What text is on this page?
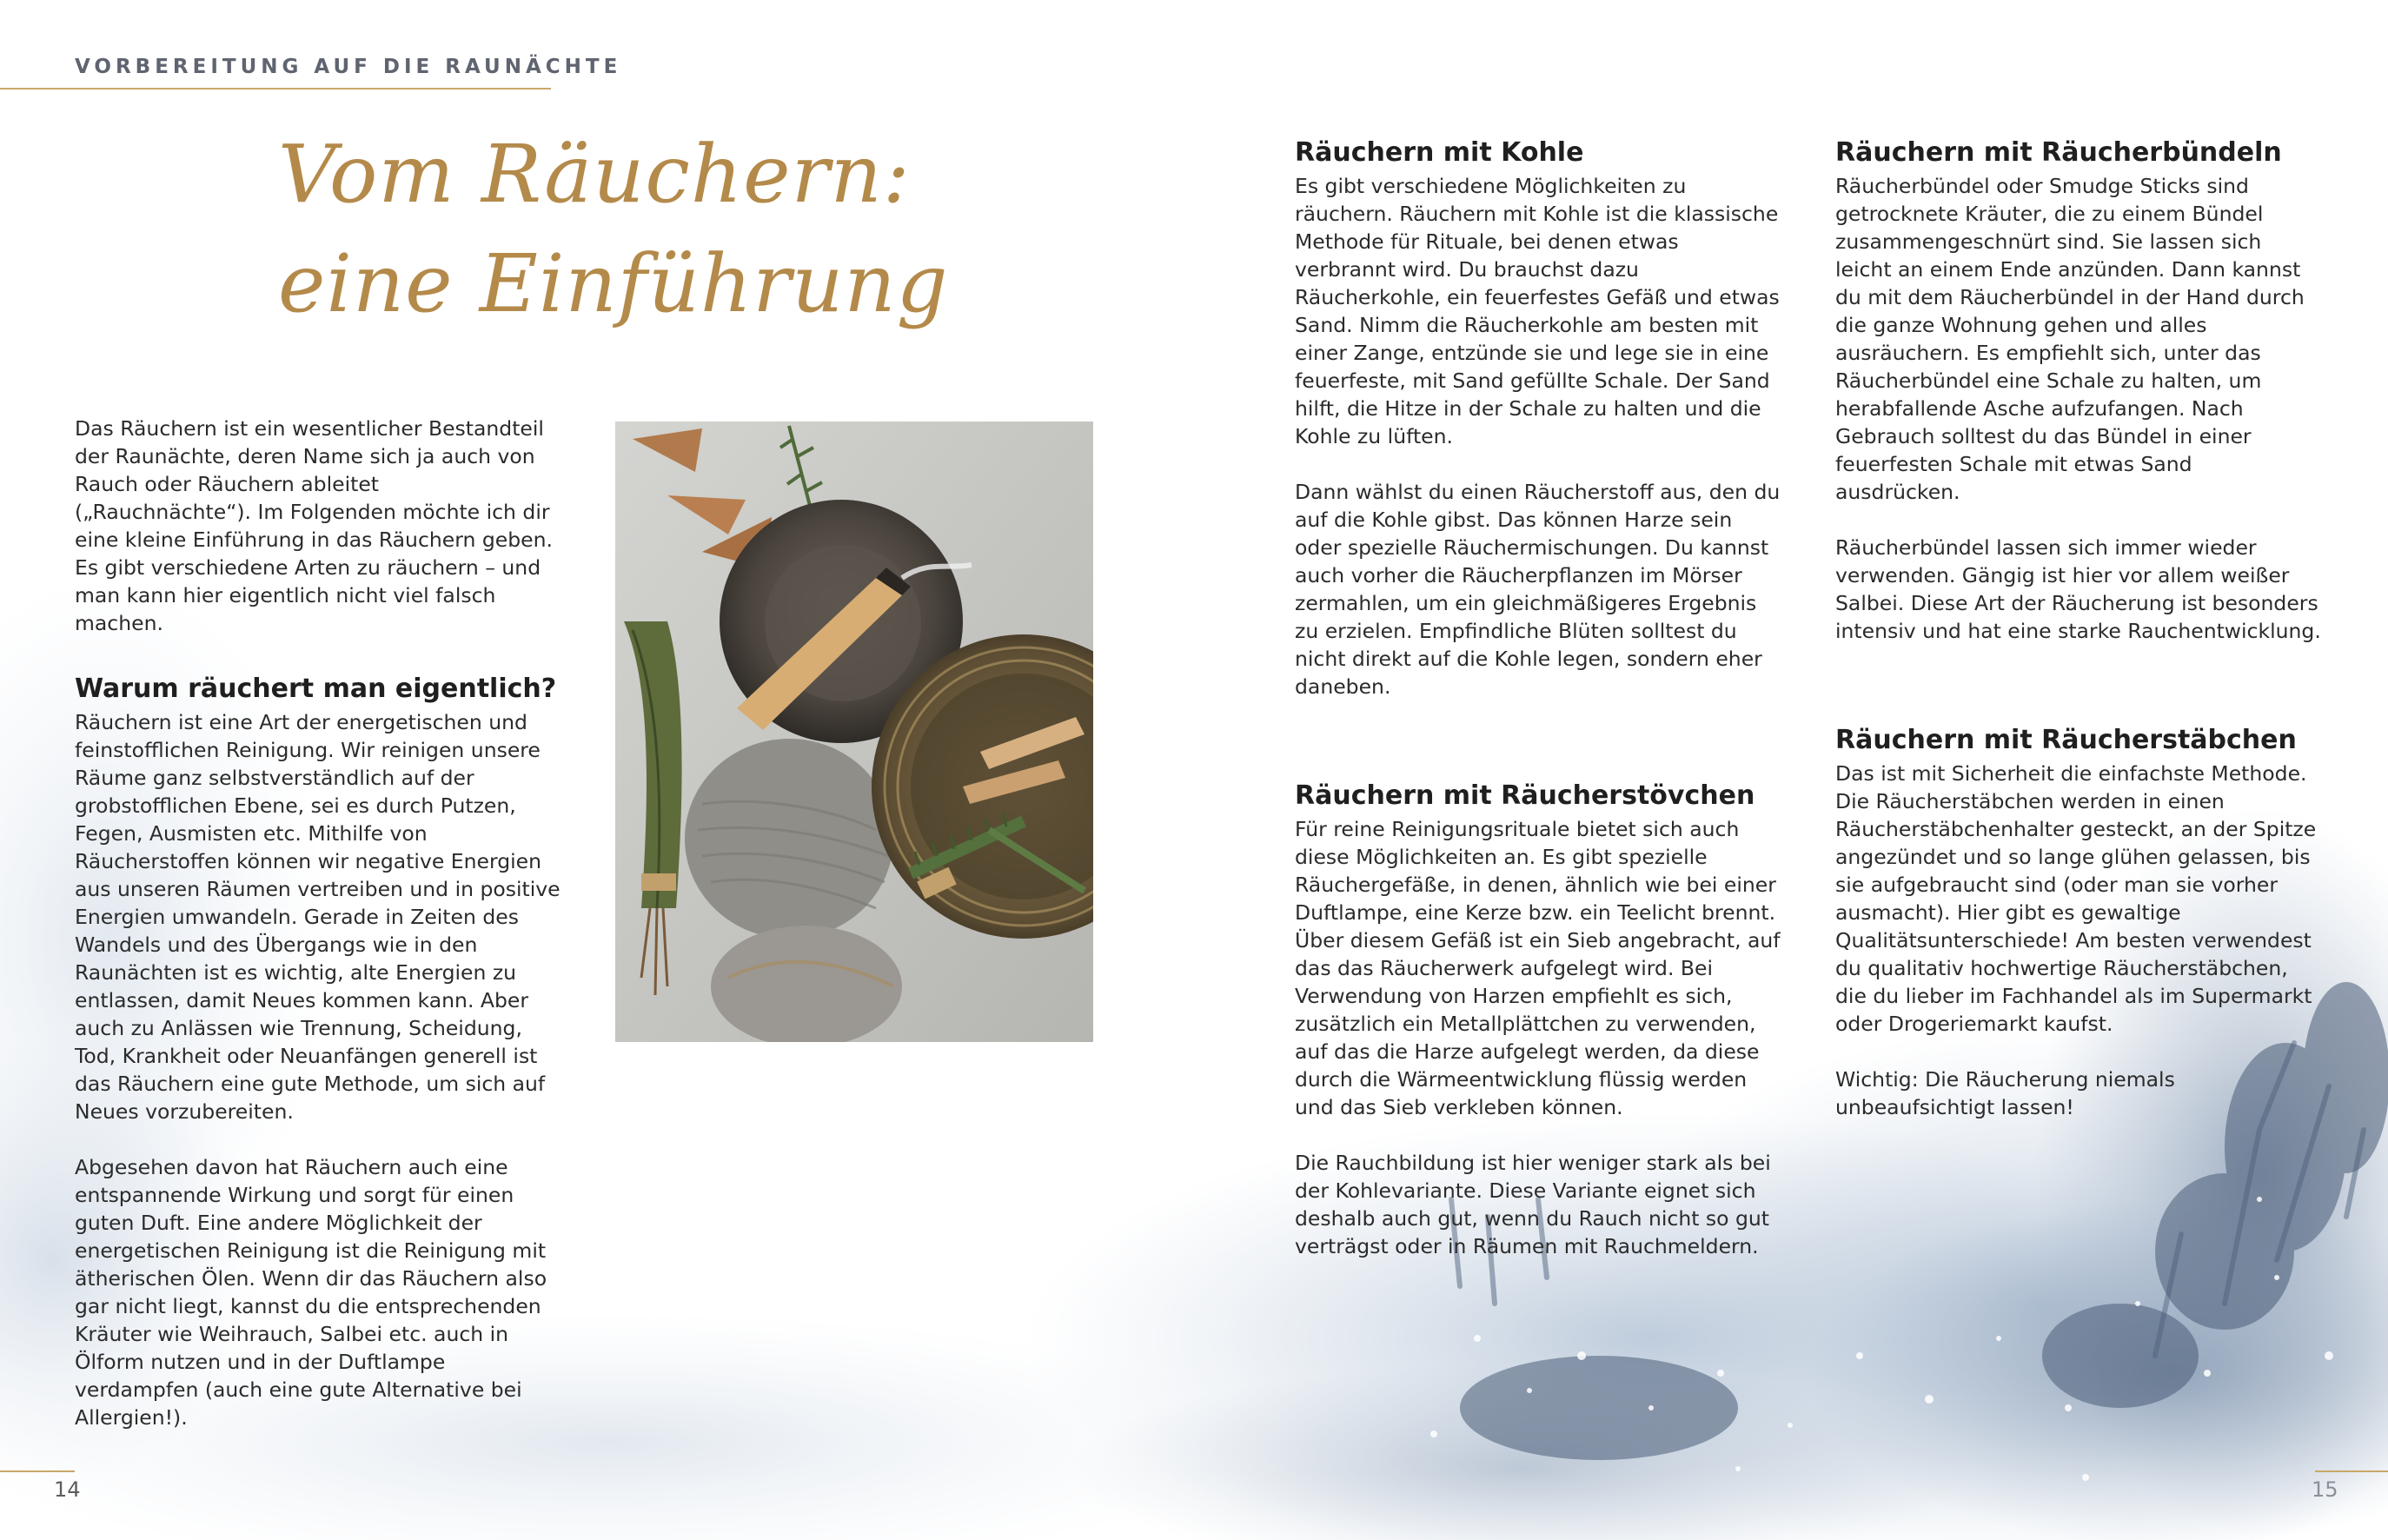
VORBEREITUNG AUF DIE RAUNÄCHTE
Vom Räuchern:
eine Einführung

Das Räuchern ist ein wesentlicher Bestandteil der Raunächte, deren Name sich ja auch von Rauch oder Räuchern ableitet („Rauchnächte“). Im Folgenden möchte ich dir eine kleine Einführung in das Räuchern geben. Es gibt verschiedene Arten zu räuchern – und man kann hier eigentlich nicht viel falsch machen.

Warum räuchert man eigentlich?

Räuchern ist eine Art der energetischen und feinstofflichen Reinigung. Wir reinigen unsere Räume ganz selbstverständlich auf der grobstofflichen Ebene, sei es durch Putzen, Fegen, Ausmisten etc. Mithilfe von Räucherstoffen können wir negative Energien aus unseren Räumen vertreiben und in positive Energien umwandeln. Gerade in Zeiten des Wandels und des Übergangs wie in den Raunächten ist es wichtig, alte Energien zu entlassen, damit Neues kommen kann. Aber auch zu Anlässen wie Trennung, Scheidung, Tod, Krankheit oder Neuanfängen generell ist das Räuchern eine gute Methode, um sich auf Neues vorzubereiten.

Abgesehen davon hat Räuchern auch eine entspannende Wirkung und sorgt für einen guten Duft. Eine andere Möglichkeit der energetischen Reinigung ist die Reinigung mit ätherischen Ölen. Wenn dir das Räuchern also gar nicht liegt, kannst du die entsprechenden Kräuter wie Weihrauch, Salbei etc. auch in Ölform nutzen und in der Duftlampe verdampfen (auch eine gute Alternative bei Allergien!).

Räuchern mit Kohle

Es gibt verschiedene Möglichkeiten zu räuchern. Räuchern mit Kohle ist die klassische Methode für Rituale, bei denen etwas verbrannt wird. Du brauchst dazu Räucherkohle, ein feuerfestes Gefäß und etwas Sand. Nimm die Räucherkohle am besten mit einer Zange, entzünde sie und lege sie in eine feuerfeste, mit Sand gefüllte Schale. Der Sand hilft, die Hitze in der Schale zu halten und die Kohle zu lüften.

Dann wählst du einen Räucherstoff aus, den du auf die Kohle gibst. Das können Harze sein oder spezielle Räuchermischungen. Du kannst auch vorher die Räucherpflanzen im Mörser zermahlen, um ein gleichmäßigeres Ergebnis zu erzielen. Empfindliche Blüten solltest du nicht direkt auf die Kohle legen, sondern eher daneben.

Räuchern mit Räucherstövchen

Für reine Reinigungsrituale bietet sich auch diese Möglichkeiten an. Es gibt spezielle Räuchergefäße, in denen, ähnlich wie bei einer Duftlampe, eine Kerze bzw. ein Teelicht brennt. Über diesem Gefäß ist ein Sieb angebracht, auf das das Räucherwerk aufgelegt wird. Bei Verwendung von Harzen empfiehlt es sich, zusätzlich ein Metallplättchen zu verwenden, auf das die Harze aufgelegt werden, da diese durch die Wärmeentwicklung flüssig werden und das Sieb verkleben können.

Die Rauchbildung ist hier weniger stark als bei der Kohlevariante. Diese Variante eignet sich deshalb auch gut, wenn du Rauch nicht so gut verträgst oder in Räumen mit Rauchmeldern.

Räuchern mit Räucherbündeln

Räucherbündel oder Smudge Sticks sind getrocknete Kräuter, die zu einem Bündel zusammengeschnürt sind. Sie lassen sich leicht an einem Ende anzünden. Dann kannst du mit dem Räucherbündel in der Hand durch die ganze Wohnung gehen und alles ausräuchern. Es empfiehlt sich, unter das Räucherbündel eine Schale zu halten, um herabfallende Asche aufzufangen. Nach Gebrauch solltest du das Bündel in einer feuerfesten Schale mit etwas Sand ausdrücken.

Räucherbündel lassen sich immer wieder verwenden. Gängig ist hier vor allem weißer Salbei. Diese Art der Räucherung ist besonders intensiv und hat eine starke Rauchentwicklung.

Räuchern mit Räucherstäbchen

Das ist mit Sicherheit die einfachste Methode. Die Räucherstäbchen werden in einen Räucherstäbchenhalter gesteckt, an der Spitze angezündet und so lange glühen gelassen, bis sie aufgebraucht sind (oder man sie vorher ausmacht). Hier gibt es gewaltige Qualitätsunterschiede! Am besten verwendest du qualitativ hochwertige Räucherstäbchen, die du lieber im Fachhandel als im Supermarkt oder Drogeriemarkt kaufst.

Wichtig: Die Räucherung niemals unbeaufsichtigt lassen!

14	15
